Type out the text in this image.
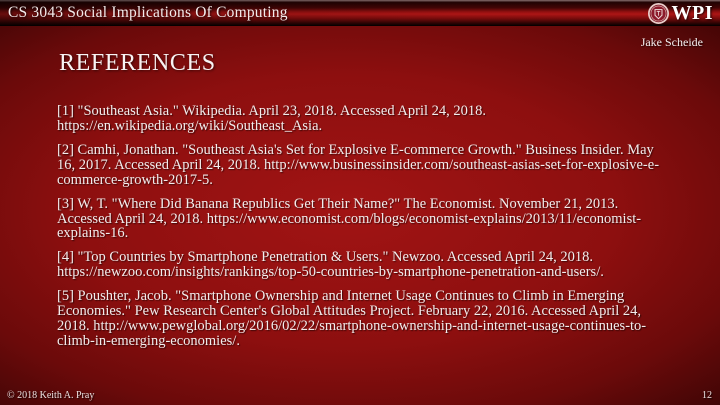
CS 3043 Social Implications Of Computing	WPI
Jake Scheide
REFERENCES

[1] "Southeast Asia." Wikipedia. April 23, 2018. Accessed April 24, 2018. https://en.wikipedia.org/wiki/Southeast_Asia.

[2] Camhi, Jonathan. "Southeast Asia's Set for Explosive E-commerce Growth." Business Insider. May 16, 2017. Accessed April 24, 2018. http://www.businessinsider.com/southeast-asias-set-for-explosive-e-commerce-growth-2017-5.

[3] W, T. "Where Did Banana Republics Get Their Name?" The Economist. November 21, 2013. Accessed April 24, 2018. https://www.economist.com/blogs/economist-explains/2013/11/economist-explains-16.

[4] "Top Countries by Smartphone Penetration & Users." Newzoo. Accessed April 24, 2018. https://newzoo.com/insights/rankings/top-50-countries-by-smartphone-penetration-and-users/.

[5] Poushter, Jacob. "Smartphone Ownership and Internet Usage Continues to Climb in Emerging Economies." Pew Research Center's Global Attitudes Project. February 22, 2016. Accessed April 24, 2018. http://www.pewglobal.org/2016/02/22/smartphone-ownership-and-internet-usage-continues-to-climb-in-emerging-economies/.

© 2018 Keith A. Pray	12
